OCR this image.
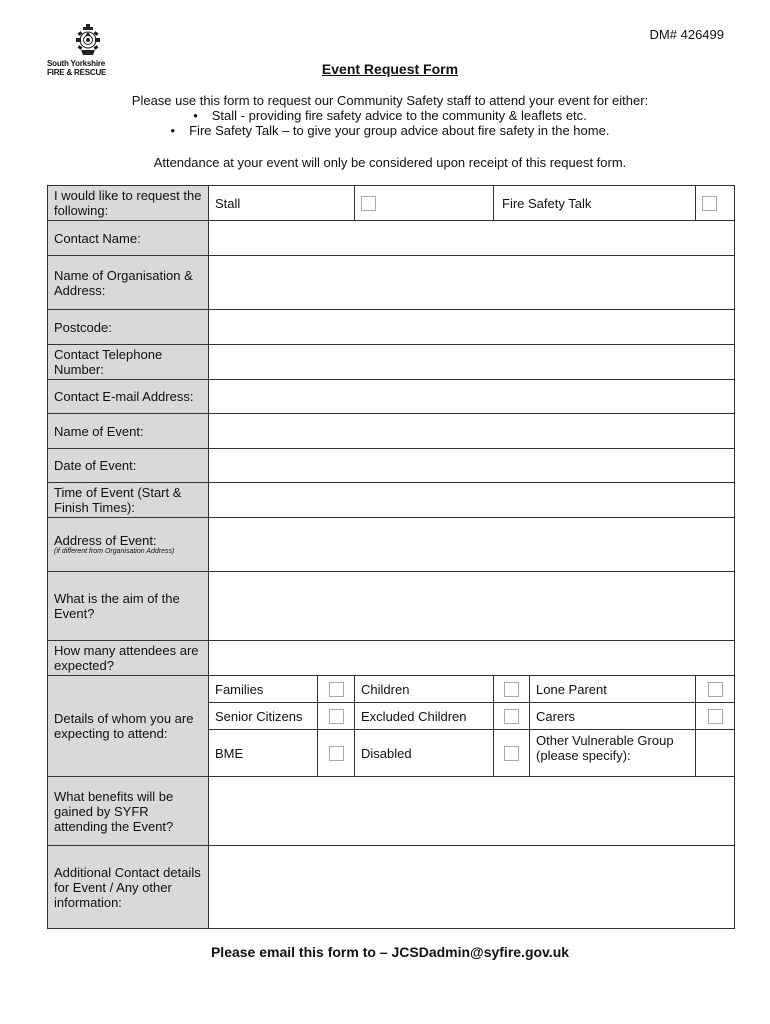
DM# 426499
South Yorkshire
FIRE & RESCUE	Event Request Form
Please use this form to request our Community Safety staff to attend your event for either:
• Stall - providing fire safety advice to the community & leaflets etc.
• Fire Safety Talk – to give your group advice about fire safety in the home.
Attendance at your event will only be considered upon receipt of this request form.
I would like to request the following:	Stall			Fire Safety Talk		
Contact Name:						
Name of Organisation & Address:						
Postcode:						
Contact Telephone Number:						
Contact E-mail Address:						
Name of Event:						
Date of Event:						
Time of Event (Start & Finish Times):						
Address of Event:
(if different from Organisation Address)						

What is the aim of the Event?						
How many attendees are expected?						
Details of whom you are expecting to attend:	Families		Children		Lone Parent	
	Senior Citizens		Excluded Children		Carers	
	BME		Disabled		Other Vulnerable Group (please specify):	
What benefits will be gained by SYFR attending the Event?						
Additional Contact details for Event / Any other information:						
Please email this form to – JCSDadmin@syfire.gov.uk
